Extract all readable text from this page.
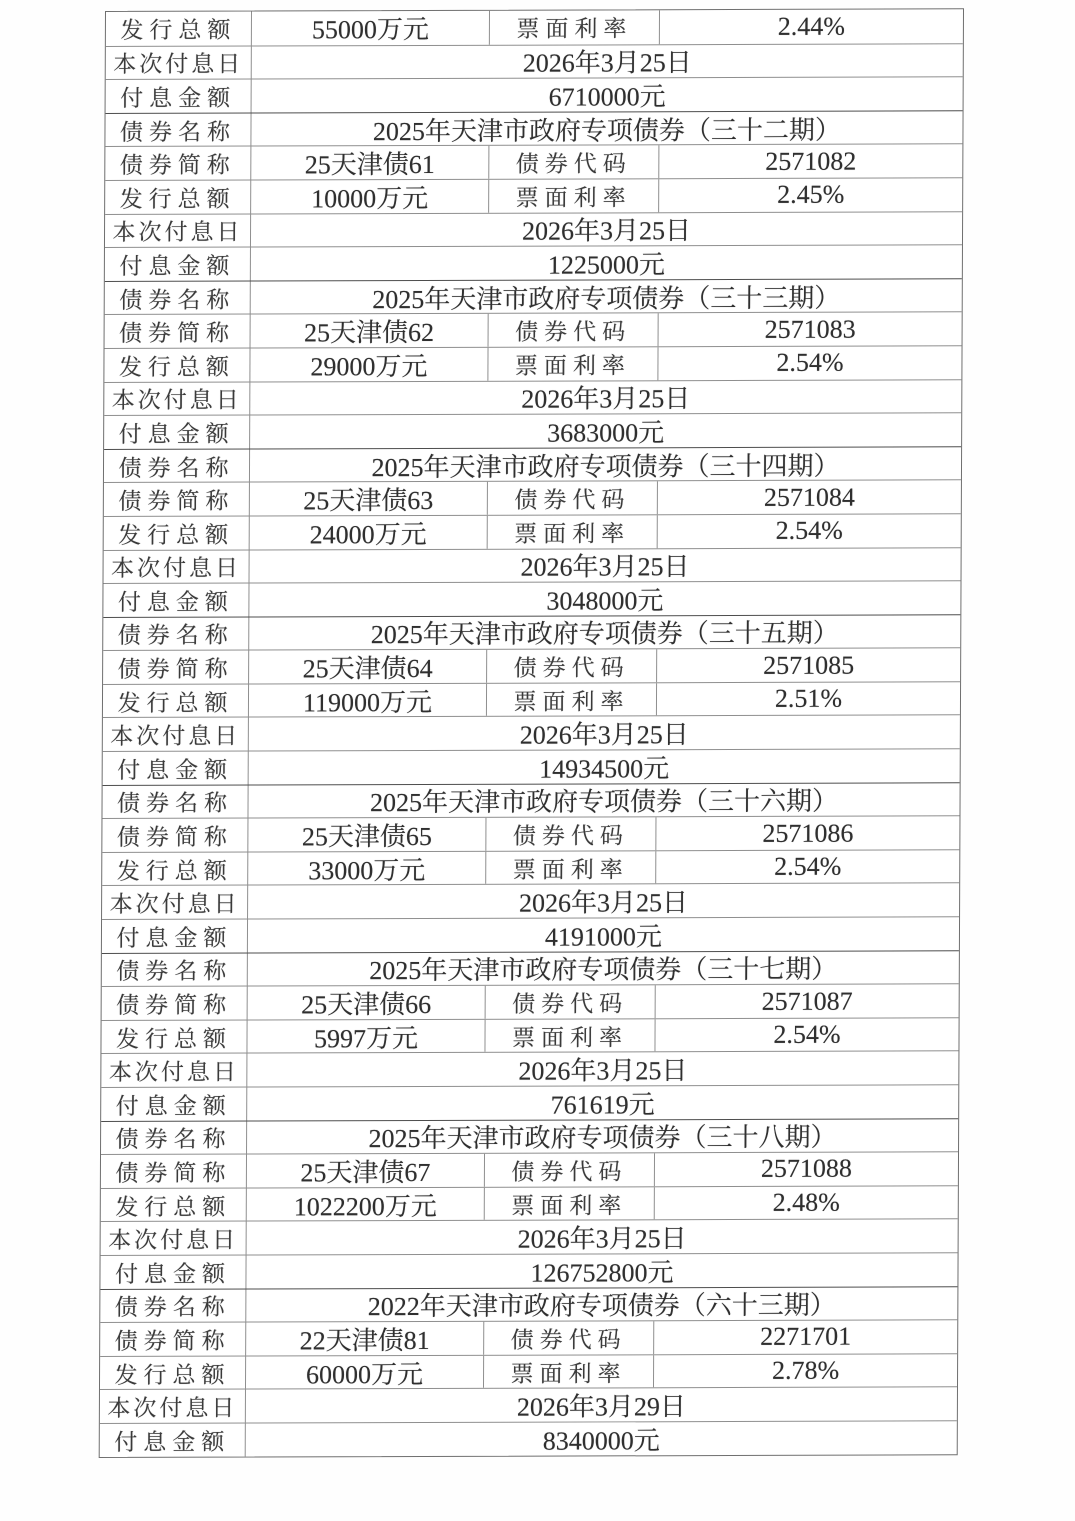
发行总额	55000万元	票面利率	2.44%
本次付息日	2026年3月25日
付息金额	6710000元
债券名称	2025年天津市政府专项债券（三十二期）
债券简称	25天津债61	债券代码	2571082
发行总额	10000万元	票面利率	2.45%
本次付息日	2026年3月25日
付息金额	1225000元
债券名称	2025年天津市政府专项债券（三十三期）
债券简称	25天津债62	债券代码	2571083
发行总额	29000万元	票面利率	2.54%
本次付息日	2026年3月25日
付息金额	3683000元
债券名称	2025年天津市政府专项债券（三十四期）
债券简称	25天津债63	债券代码	2571084
发行总额	24000万元	票面利率	2.54%
本次付息日	2026年3月25日
付息金额	3048000元
债券名称	2025年天津市政府专项债券（三十五期）
债券简称	25天津债64	债券代码	2571085
发行总额	119000万元	票面利率	2.51%
本次付息日	2026年3月25日
付息金额	14934500元
债券名称	2025年天津市政府专项债券（三十六期）
债券简称	25天津债65	债券代码	2571086
发行总额	33000万元	票面利率	2.54%
本次付息日	2026年3月25日
付息金额	4191000元
债券名称	2025年天津市政府专项债券（三十七期）
债券简称	25天津债66	债券代码	2571087
发行总额	5997万元	票面利率	2.54%
本次付息日	2026年3月25日
付息金额	761619元
债券名称	2025年天津市政府专项债券（三十八期）
债券简称	25天津债67	债券代码	2571088
发行总额	1022200万元	票面利率	2.48%
本次付息日	2026年3月25日
付息金额	126752800元
债券名称	2022年天津市政府专项债券（六十三期）
债券简称	22天津债81	债券代码	2271701
发行总额	60000万元	票面利率	2.78%
本次付息日	2026年3月29日
付息金额	8340000元
